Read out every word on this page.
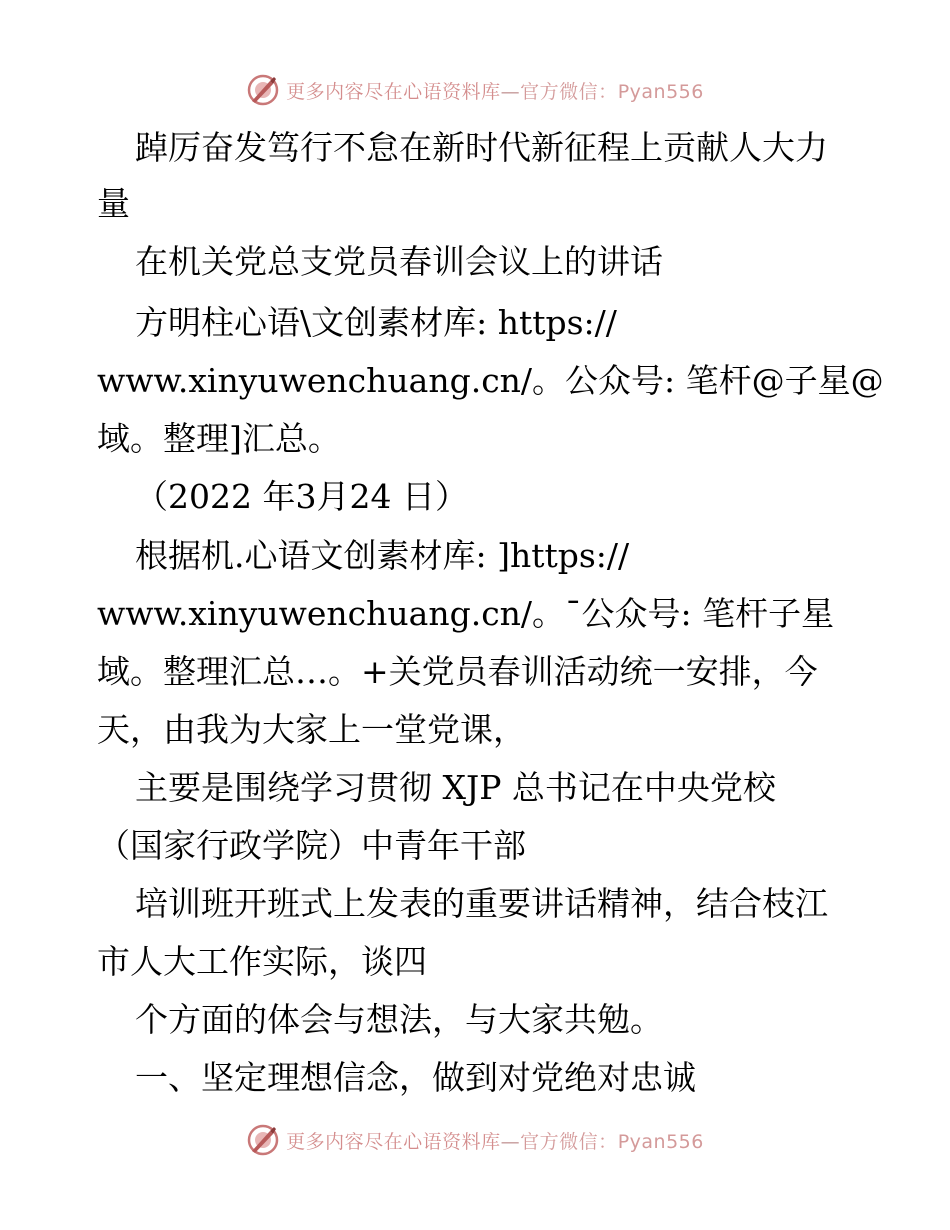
更多内容尽在心语资料库—官方微信：Pyan556
踔厉奋发笃行不怠在新时代新征程上贡献人大力
量
在机关党总支党员春训会议上的讲话
方明柱心语\文创素材库: https://
www.xinyuwenchuang.cn/。公众号: 笔杆@子星@
域。整理]汇总。
（2022 年3月24 日）
根据机.心语文创素材库: ]https://
www.xinyuwenchuang.cn/。¯公众号: 笔杆子星
域。整理汇总…。+关党员春训活动统一安排，今
天，由我为大家上一堂党课，
主要是围绕学习贯彻 XJP 总书记在中央党校
（国家行政学院）中青年干部
培训班开班式上发表的重要讲话精神，结合枝江
市人大工作实际，谈四
个方面的体会与想法，与大家共勉。
一、坚定理想信念，做到对党绝对忠诚
更多内容尽在心语资料库—官方微信：Pyan556
